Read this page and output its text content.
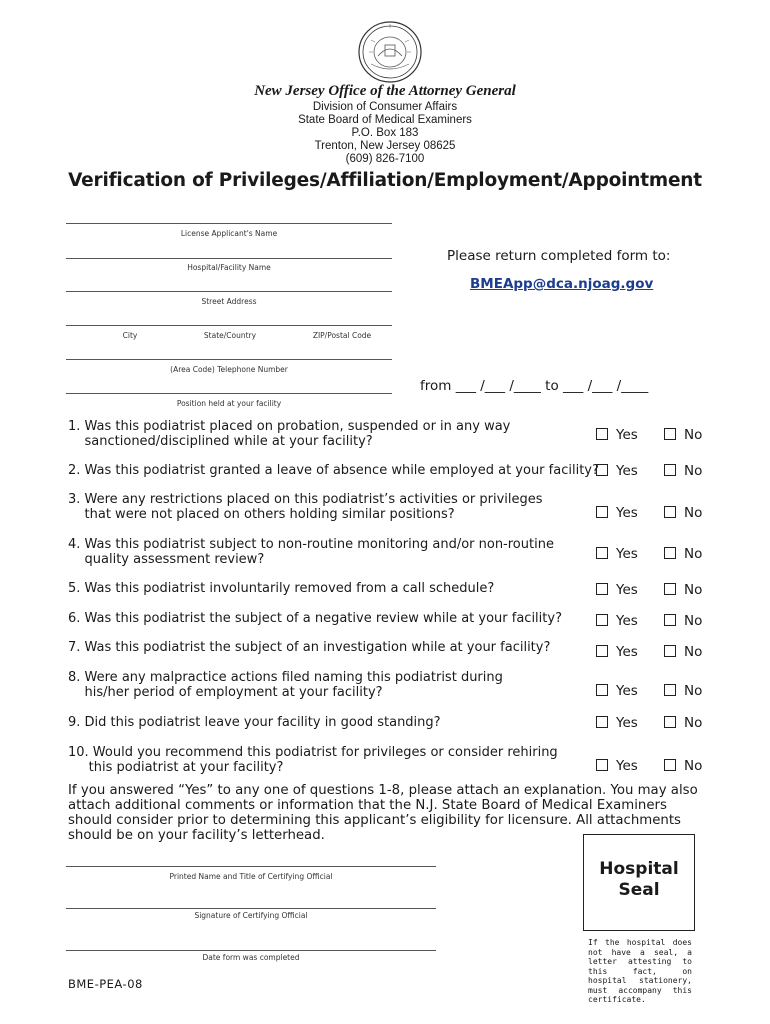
New Jersey Office of the Attorney General
Division of Consumer Affairs
State Board of Medical Examiners
P.O. Box 183
Trenton, New Jersey 08625
(609) 826-7100
Verification of Privileges/Affiliation/Employment/Appointment
License Applicant's Name
Hospital/Facility Name
Street Address
City	State/Country	ZIP/Postal Code
(Area Code) Telephone Number
Position held at your facility
Please return completed form to:
BMEApp@dca.njoag.gov
from ___ /___ /____ to ___ /___ /____
1. Was this podiatrist placed on probation, suspended or in any way
sanctioned/disciplined while at your facility?	Yes	No
2. Was this podiatrist granted a leave of absence while employed at your facility?	Yes	No
3. Were any restrictions placed on this podiatrist’s activities or privileges
that were not placed on others holding similar positions?	Yes	No
4. Was this podiatrist subject to non-routine monitoring and/or non-routine
quality assessment review?	Yes	No
5. Was this podiatrist involuntarily removed from a call schedule?	Yes	No
6. Was this podiatrist the subject of a negative review while at your facility?	Yes	No
7. Was this podiatrist the subject of an investigation while at your facility?	Yes	No
8. Were any malpractice actions filed naming this podiatrist during
his/her period of employment at your facility?	Yes	No
9. Did this podiatrist leave your facility in good standing?	Yes	No
10. Would you recommend this podiatrist for privileges or consider rehiring
this podiatrist at your facility?	Yes	No
If you answered “Yes” to any one of questions 1-8, please attach an explanation. You may also attach additional comments or information that the N.J. State Board of Medical Examiners should consider prior to determining this applicant’s eligibility for licensure. All attachments should be on your facility’s letterhead.
Printed Name and Title of Certifying Official
Signature of Certifying Official
Date form was completed
Hospital
Seal
If the hospital does not have a seal, a letter attesting to this fact, on hospital stationery, must accompany this certificate.
BME-PEA-08
